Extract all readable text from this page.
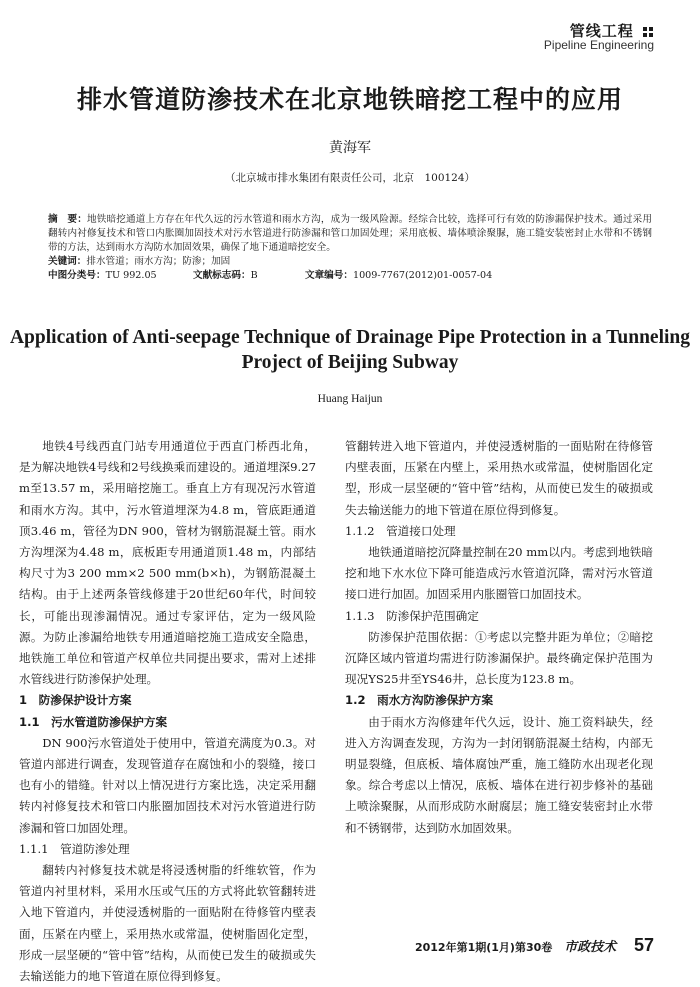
管线工程

Pipeline Engineering
排水管道防渗技术在北京地铁暗挖工程中的应用
黄海军
（北京城市排水集团有限责任公司，北京　100124）

摘　要：地铁暗挖通道上方存在年代久远的污水管道和雨水方沟，成为一级风险源。经综合比较，选择可行有效的防渗漏保护技术。通过采用翻转内衬修复技术和管口内胀圈加固技术对污水管道进行防渗漏和管口加固处理；采用底板、墙体喷涂聚脲，施工缝安装密封止水带和不锈钢带的方法，达到雨水方沟防水加固效果，确保了地下通道暗挖安全。

关键词：排水管道；雨水方沟；防渗；加固

中图分类号：TU 992.05	文献标志码：B	文章编号：1009-7767(2012)01-0057-04
Application of Anti-seepage Technique of Drainage Pipe Protection in a Tunneling Project of Beijing Subway
Huang Haijun

地铁4号线西直门站专用通道位于西直门桥西北角，是为解决地铁4号线和2号线换乘而建设的。通道埋深9.27 m至13.57 m，采用暗挖施工。垂直上方有现况污水管道和雨水方沟。其中，污水管道埋深为4.8 m，管底距通道顶3.46 m，管径为DN 900，管材为钢筋混凝土管。雨水方沟埋深为4.48 m，底板距专用通道顶1.48 m，内部结构尺寸为3 200 mm×2 500 mm(b×h)，为钢筋混凝土结构。由于上述两条管线修建于20世纪60年代，时间较长，可能出现渗漏情况。通过专家评估，定为一级风险源。为防止渗漏给地铁专用通道暗挖施工造成安全隐患，地铁施工单位和管道产权单位共同提出要求，需对上述排水管线进行防渗保护处理。

1　防渗保护设计方案
1.1　污水管道防渗保护方案

DN 900污水管道处于使用中，管道充满度为0.3。对管道内部进行调查，发现管道存在腐蚀和小的裂缝，接口也有小的错缝。针对以上情况进行方案比选，决定采用翻转内衬修复技术和管口内胀圈加固技术对污水管道进行防渗漏和管口加固处理。

1.1.1　管道防渗处理

翻转内衬修复技术就是将浸透树脂的纤维软管，作为管道内衬里材料，采用水压或气压的方式将此软管翻转进入地下管道内，并使浸透树脂的一面贴附在待修管内壁表面，压紧在内壁上，采用热水或常温，使树脂固化定型，形成一层坚硬的“管中管”结构，从而使已发生的破损或失去输送能力的地下管道在原位得到修复。

管翻转进入地下管道内，并使浸透树脂的一面贴附在待修管内壁表面，压紧在内壁上，采用热水或常温，使树脂固化定型，形成一层坚硬的“管中管”结构，从而使已发生的破损或失去输送能力的地下管道在原位得到修复。

1.1.2　管道接口处理

地铁通道暗挖沉降量控制在20 mm以内。考虑到地铁暗挖和地下水水位下降可能造成污水管道沉降，需对污水管道接口进行加固。加固采用内胀圈管口加固技术。

1.1.3　防渗保护范围确定

防渗保护范围依据：①考虑以完整井距为单位；②暗挖沉降区域内管道均需进行防渗漏保护。最终确定保护范围为现况YS25井至YS46井，总长度为123.8 m。

1.2　雨水方沟防渗保护方案

由于雨水方沟修建年代久远，设计、施工资料缺失，经进入方沟调查发现，方沟为一封闭钢筋混凝土结构，内部无明显裂缝，但底板、墙体腐蚀严重，施工缝防水出现老化现象。综合考虑以上情况，底板、墙体在进行初步修补的基础上喷涂聚脲，从而形成防水耐腐层；施工缝安装密封止水带和不锈钢带，达到防水加固效果。

2012年第1期(1月)第30卷 市政技术 57
